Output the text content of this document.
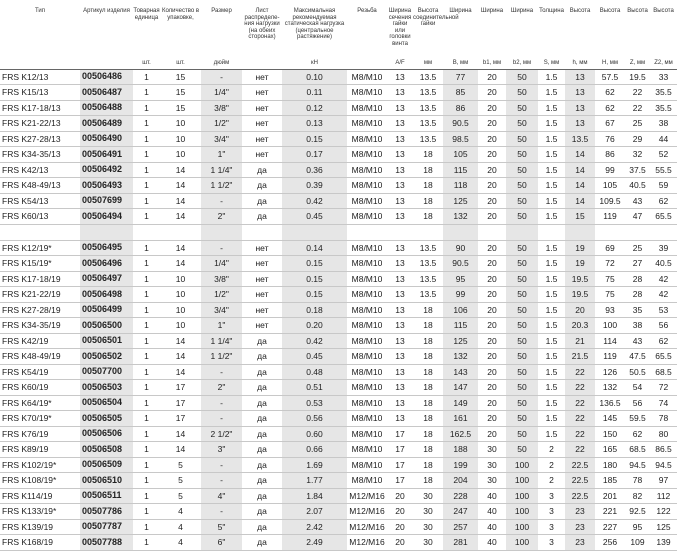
Тип	Артикул изделия	Товарная единица	Количество в упаковке,	Размер	Лист распределе-ния нагрузки (на обеих сторонах)	Максимальная рекомендуемая статическая нагрузка (центральное растяжение)	Резьба	Ширина сечения гайки или головки винта	Высота соединительной гайки	Ширина	Ширина	Ширина	Толщина	Высота	Высота	Высота	Высота
		шт.	шт.	дюйм		кН		A/F	мм	B, мм	b1, мм	b2, мм	S, мм	h, мм	H, мм	Z, мм	Z2, мм
FRS K12/13	00506486	1	15	-	нет	0.10	M8/M10	13	13.5	77	20	50	1.5	13	57.5	19.5	33
FRS K15/13	00506487	1	15	1/4"	нет	0.11	M8/M10	13	13.5	85	20	50	1.5	13	62	22	35.5
FRS K17-18/13	00506488	1	15	3/8"	нет	0.12	M8/M10	13	13.5	86	20	50	1.5	13	62	22	35.5
FRS K21-22/13	00506489	1	10	1/2"	нет	0.13	M8/M10	13	13.5	90.5	20	50	1.5	13	67	25	38
FRS K27-28/13	00506490	1	10	3/4"	нет	0.15	M8/M10	13	13.5	98.5	20	50	1.5	13.5	76	29	44
FRS K34-35/13	00506491	1	10	1"	нет	0.17	M8/M10	13	18	105	20	50	1.5	14	86	32	52
FRS K42/13	00506492	1	14	1 1/4"	да	0.36	M8/M10	13	18	115	20	50	1.5	14	99	37.5	55.5
FRS K48-49/13	00506493	1	14	1 1/2"	да	0.39	M8/M10	13	18	118	20	50	1.5	14	105	40.5	59
FRS K54/13	00507699	1	14	-	да	0.42	M8/M10	13	18	125	20	50	1.5	14	109.5	43	62
FRS K60/13	00506494	1	14	2"	да	0.45	M8/M10	13	18	132	20	50	1.5	15	119	47	65.5

FRS K12/19*	00506495	1	14	-	нет	0.14	M8/M10	13	13.5	90	20	50	1.5	19	69	25	39
FRS K15/19*	00506496	1	14	1/4"	нет	0.15	M8/M10	13	13.5	90.5	20	50	1.5	19	72	27	40.5
FRS K17-18/19	00506497	1	10	3/8"	нет	0.15	M8/M10	13	13.5	95	20	50	1.5	19.5	75	28	42
FRS K21-22/19	00506498	1	10	1/2"	нет	0.15	M8/M10	13	13.5	99	20	50	1.5	19.5	75	28	42
FRS K27-28/19	00506499	1	10	3/4"	нет	0.18	M8/M10	13	18	106	20	50	1.5	20	93	35	53
FRS K34-35/19	00506500	1	10	1"	нет	0.20	M8/M10	13	18	115	20	50	1.5	20.3	100	38	56
FRS K42/19	00506501	1	14	1 1/4"	да	0.42	M8/M10	13	18	125	20	50	1.5	21	114	43	62
FRS K48-49/19	00506502	1	14	1 1/2"	да	0.45	M8/M10	13	18	132	20	50	1.5	21.5	119	47.5	65.5
FRS K54/19	00507700	1	14	-	да	0.48	M8/M10	13	18	143	20	50	1.5	22	126	50.5	68.5
FRS K60/19	00506503	1	17	2"	да	0.51	M8/M10	13	18	147	20	50	1.5	22	132	54	72
FRS K64/19*	00506504	1	17	-	да	0.53	M8/M10	13	18	149	20	50	1.5	22	136.5	56	74
FRS K70/19*	00506505	1	17	-	да	0.56	M8/M10	13	18	161	20	50	1.5	22	145	59.5	78
FRS K76/19	00506506	1	14	2 1/2"	да	0.60	M8/M10	17	18	162.5	20	50	1.5	22	150	62	80
FRS K89/19	00506508	1	14	3"	да	0.66	M8/M10	17	18	188	30	50	2	22	165	68.5	86.5
FRS K102/19*	00506509	1	5	-	да	1.69	M8/M10	17	18	199	30	100	2	22.5	180	94.5	94.5
FRS K108/19*	00506510	1	5	-	да	1.77	M8/M10	17	18	204	30	100	2	22.5	185	78	97
FRS K114/19	00506511	1	5	4"	да	1.84	M12/M16	20	30	228	40	100	3	22.5	201	82	112
FRS K133/19*	00507786	1	4	-	да	2.07	M12/M16	20	30	247	40	100	3	23	221	92.5	122
FRS K139/19	00507787	1	4	5"	да	2.42	M12/M16	20	30	257	40	100	3	23	227	95	125
FRS K168/19	00507788	1	4	6"	да	2.49	M12/M16	20	30	281	40	100	3	23	256	109	139
